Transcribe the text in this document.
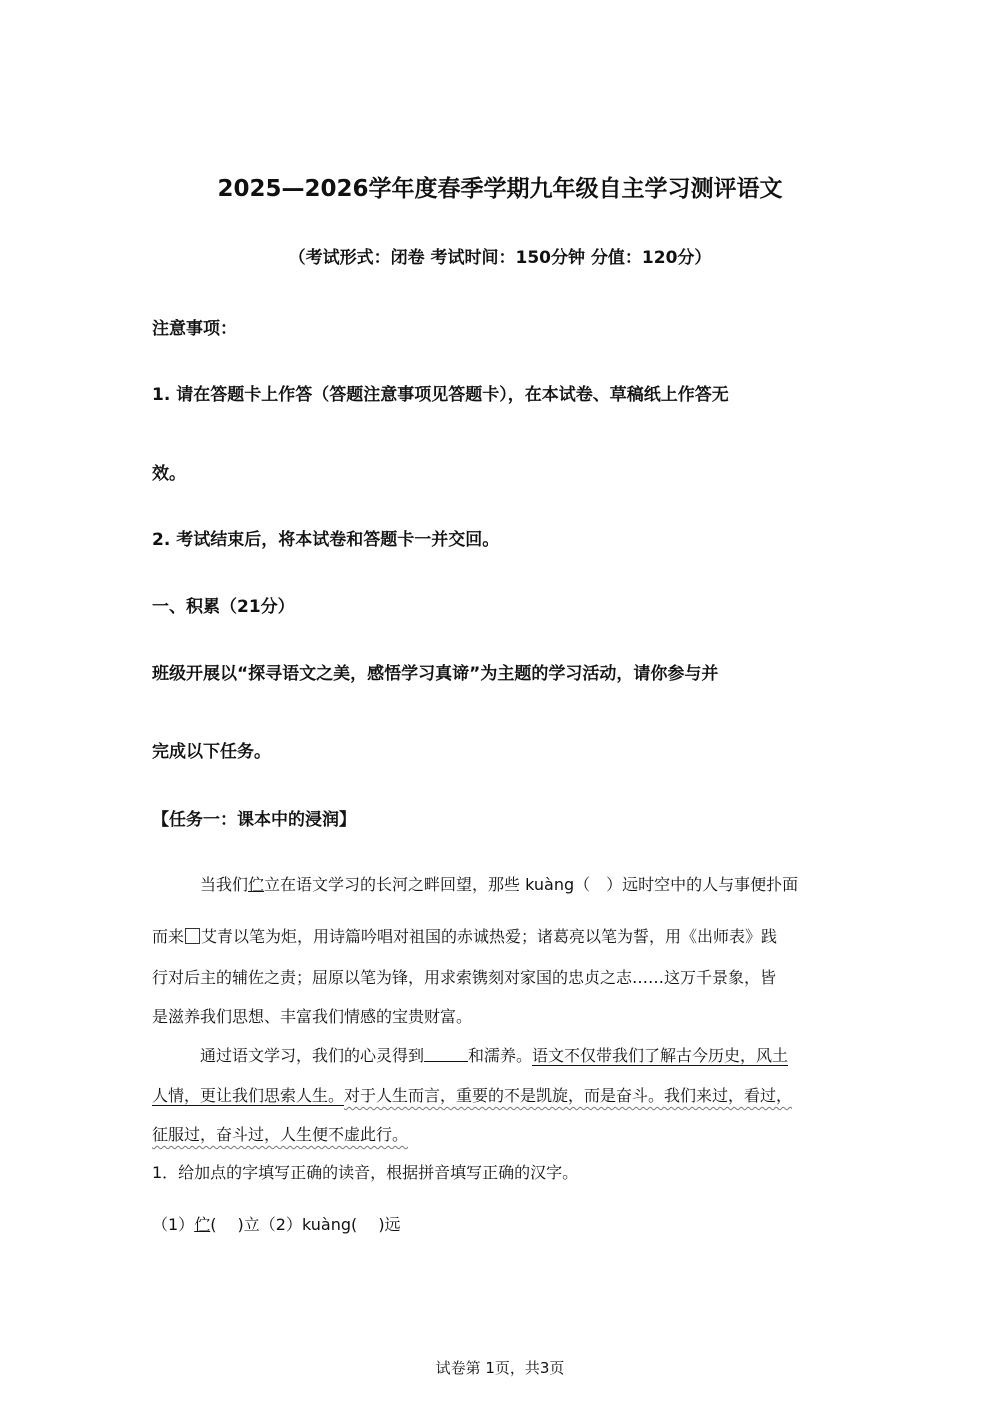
2025—2026学年度春季学期九年级自主学习测评语文
（考试形式：闭卷 考试时间：150分钟 分值：120分）
注意事项：
1. 请在答题卡上作答（答题注意事项见答题卡），在本试卷、草稿纸上作答无
效。
2. 考试结束后，将本试卷和答题卡一并交回。
一、积累（21分）
班级开展以“探寻语文之美，感悟学习真谛”为主题的学习活动，请你参与并
完成以下任务。
【任务一：课本中的浸润】
当我们伫立在语文学习的长河之畔回望，那些 kuàng（　）远时空中的人与事便扑面
而来 艾青以笔为炬，用诗篇吟唱对祖国的赤诚热爱；诸葛亮以笔为誓，用《出师表》践
行对后主的辅佐之责；屈原以笔为锋，用求索镌刻对家国的忠贞之志……这万千景象，皆
是滋养我们思想、丰富我们情感的宝贵财富。
通过语文学习，我们的心灵得到	和濡养。语文不仅带我们了解古今历史，风土
人情，更让我们思索人生。对于人生而言，重要的不是凯旋，而是奋斗。我们来过，看过，
征服过，奋斗过，人生便不虚此行。
1．给加点的字填写正确的读音，根据拼音填写正确的汉字。
（1）伫(　 )立（2）kuàng(　 )远
试卷第 1页，共3页
